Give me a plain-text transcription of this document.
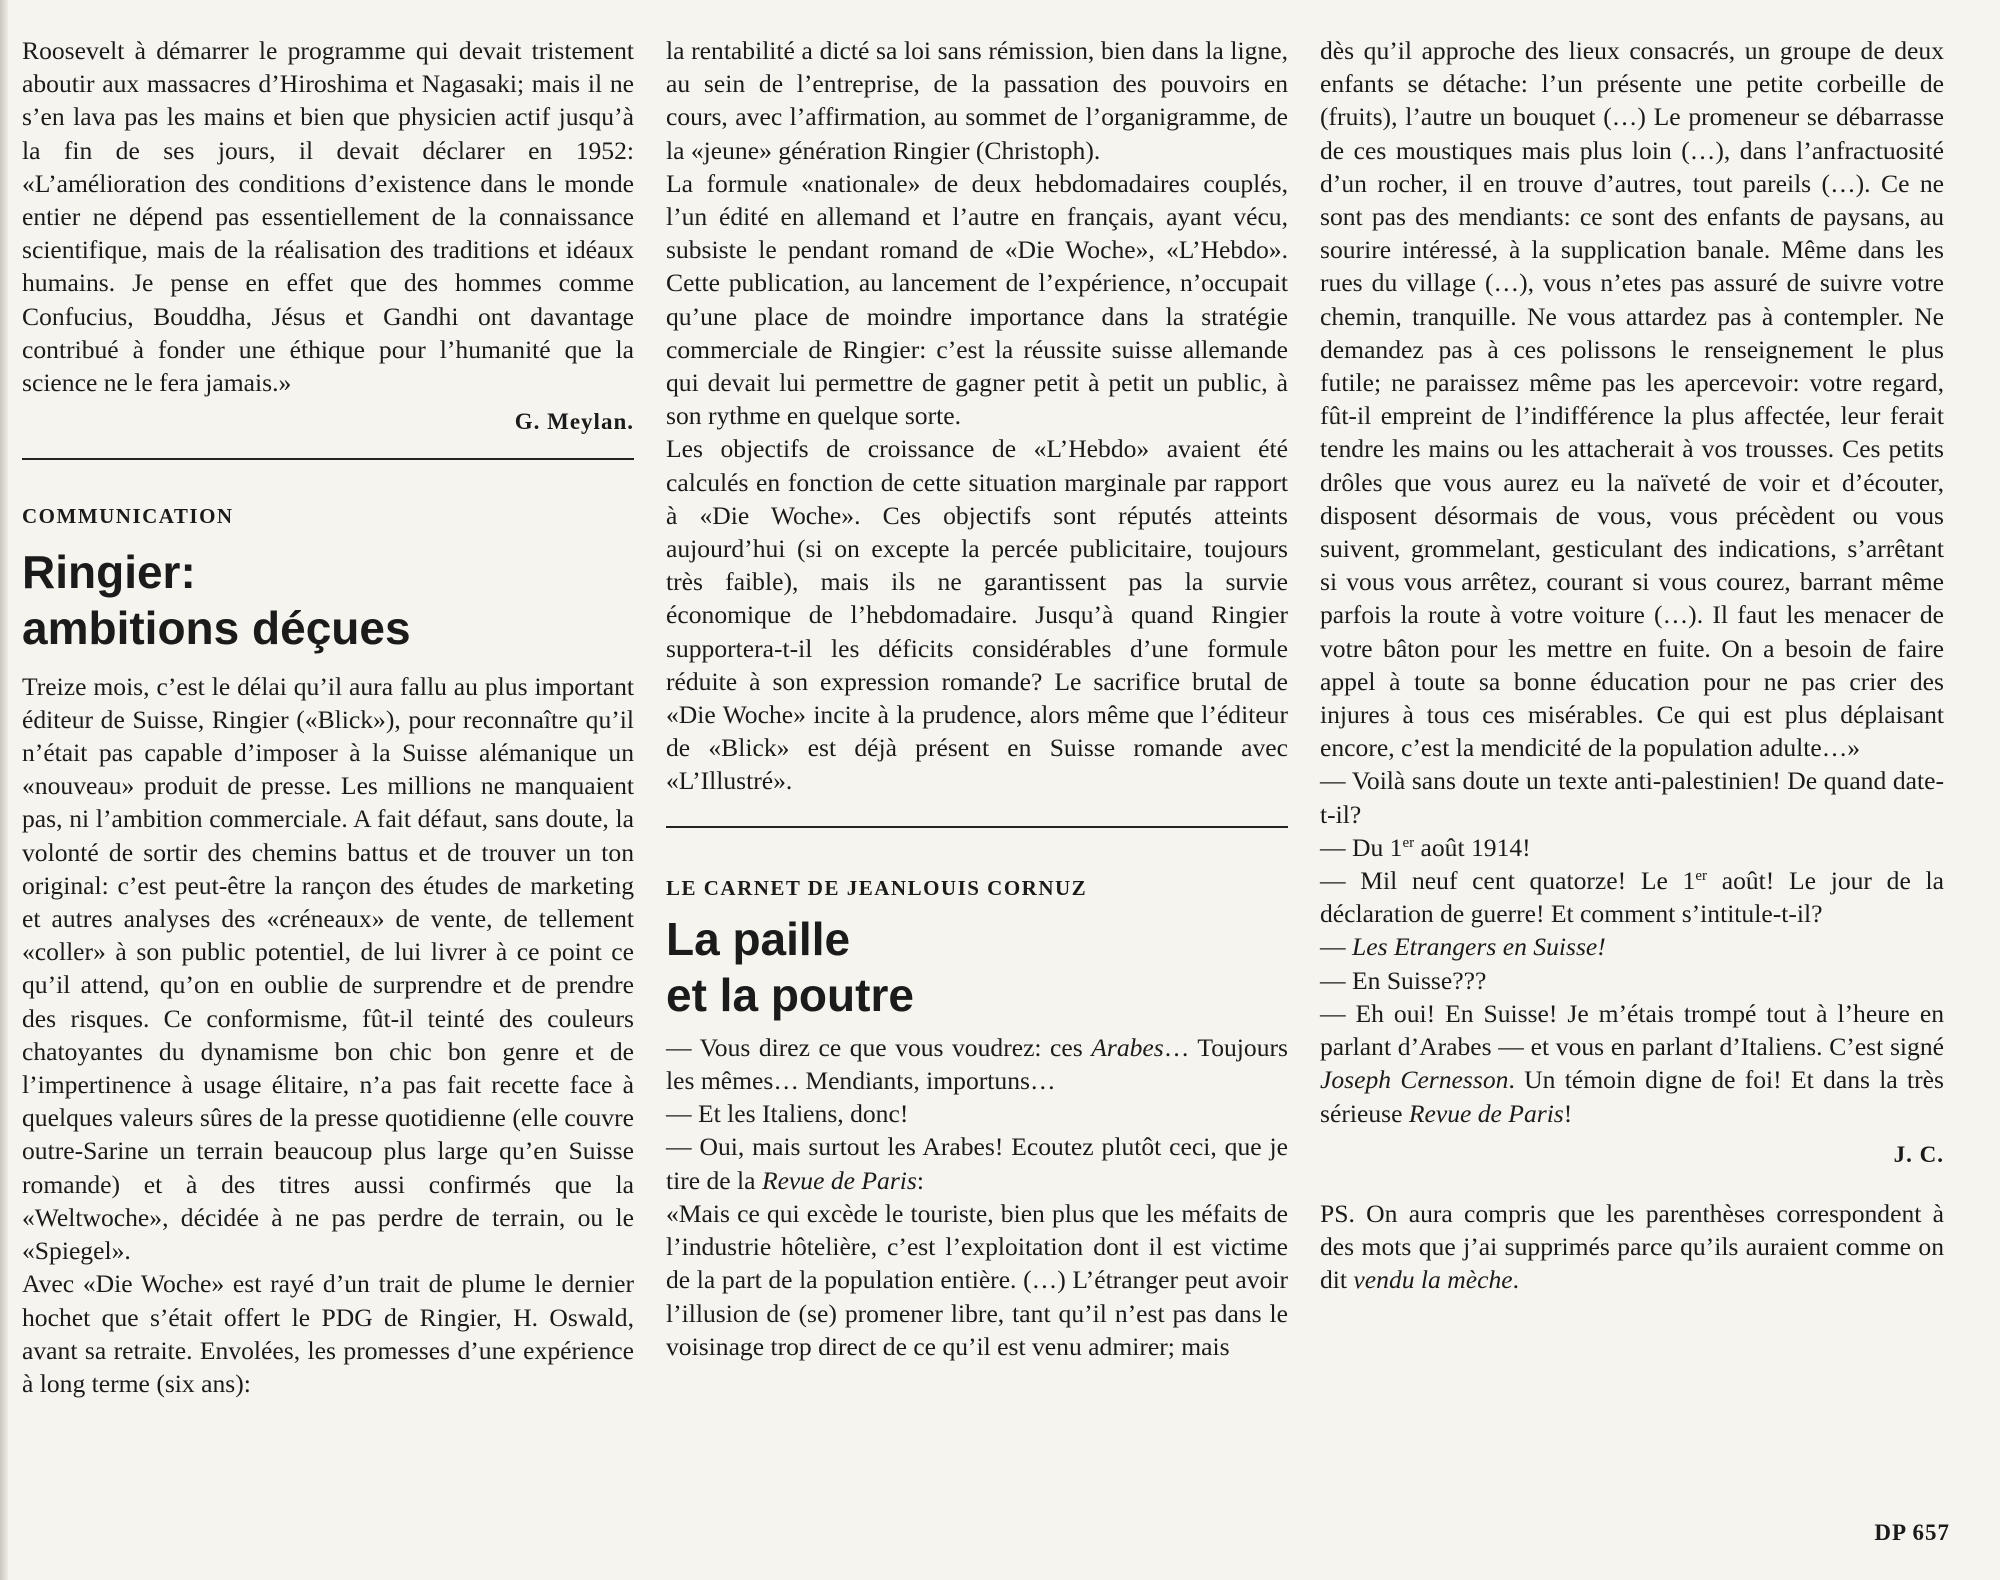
Roosevelt à démarrer le programme qui devait tristement aboutir aux massacres d’Hiroshima et Nagasaki; mais il ne s’en lava pas les mains et bien que physicien actif jusqu’à la fin de ses jours, il devait déclarer en 1952: «L’amélioration des conditions d’existence dans le monde entier ne dépend pas essentiellement de la connaissance scientifique, mais de la réalisation des traditions et idéaux humains. Je pense en effet que des hommes comme Confucius, Bouddha, Jésus et Gandhi ont davantage contribué à fonder une éthique pour l’humanité que la science ne le fera jamais.»

G. Meylan.

COMMUNICATION

Ringier:
ambitions déçues

Treize mois, c’est le délai qu’il aura fallu au plus important éditeur de Suisse, Ringier («Blick»), pour reconnaître qu’il n’était pas capable d’imposer à la Suisse alémanique un «nouveau» produit de presse. Les millions ne manquaient pas, ni l’ambition commerciale. A fait défaut, sans doute, la volonté de sortir des chemins battus et de trouver un ton original: c’est peut-être la rançon des études de marketing et autres analyses des «créneaux» de vente, de tellement «coller» à son public potentiel, de lui livrer à ce point ce qu’il attend, qu’on en oublie de surprendre et de prendre des risques. Ce conformisme, fût-il teinté des couleurs chatoyantes du dynamisme bon chic bon genre et de l’impertinence à usage élitaire, n’a pas fait recette face à quelques valeurs sûres de la presse quotidienne (elle couvre outre-Sarine un terrain beaucoup plus large qu’en Suisse romande) et à des titres aussi confirmés que la «Weltwoche», décidée à ne pas perdre de terrain, ou le «Spiegel».

Avec «Die Woche» est rayé d’un trait de plume le dernier hochet que s’était offert le PDG de Ringier, H. Oswald, avant sa retraite. Envolées, les promesses d’une expérience à long terme (six ans):

la rentabilité a dicté sa loi sans rémission, bien dans la ligne, au sein de l’entreprise, de la passation des pouvoirs en cours, avec l’affirmation, au sommet de l’organigramme, de la «jeune» génération Ringier (Christoph).

La formule «nationale» de deux hebdomadaires couplés, l’un édité en allemand et l’autre en français, ayant vécu, subsiste le pendant romand de «Die Woche», «L’Hebdo». Cette publication, au lancement de l’expérience, n’occupait qu’une place de moindre importance dans la stratégie commerciale de Ringier: c’est la réussite suisse allemande qui devait lui permettre de gagner petit à petit un public, à son rythme en quelque sorte.

Les objectifs de croissance de «L’Hebdo» avaient été calculés en fonction de cette situation marginale par rapport à «Die Woche». Ces objectifs sont réputés atteints aujourd’hui (si on excepte la percée publicitaire, toujours très faible), mais ils ne garantissent pas la survie économique de l’hebdomadaire. Jusqu’à quand Ringier supportera-t-il les déficits considérables d’une formule réduite à son expression romande? Le sacrifice brutal de «Die Woche» incite à la prudence, alors même que l’éditeur de «Blick» est déjà présent en Suisse romande avec «L’Illustré».

LE CARNET DE JEANLOUIS CORNUZ

La paille
et la poutre

— Vous direz ce que vous voudrez: ces Arabes… Toujours les mêmes… Mendiants, importuns…

— Et les Italiens, donc!

— Oui, mais surtout les Arabes! Ecoutez plutôt ceci, que je tire de la Revue de Paris:

«Mais ce qui excède le touriste, bien plus que les méfaits de l’industrie hôtelière, c’est l’exploitation dont il est victime de la part de la population entière. (…) L’étranger peut avoir l’illusion de (se) promener libre, tant qu’il n’est pas dans le voisinage trop direct de ce qu’il est venu admirer; mais

dès qu’il approche des lieux consacrés, un groupe de deux enfants se détache: l’un présente une petite corbeille de (fruits), l’autre un bouquet (…) Le promeneur se débarrasse de ces moustiques mais plus loin (…), dans l’anfractuosité d’un rocher, il en trouve d’autres, tout pareils (…). Ce ne sont pas des mendiants: ce sont des enfants de paysans, au sourire intéressé, à la supplication banale. Même dans les rues du village (…), vous n’etes pas assuré de suivre votre chemin, tranquille. Ne vous attardez pas à contempler. Ne demandez pas à ces polissons le renseignement le plus futile; ne paraissez même pas les apercevoir: votre regard, fût-il empreint de l’indifférence la plus affectée, leur ferait tendre les mains ou les attacherait à vos trousses. Ces petits drôles que vous aurez eu la naïveté de voir et d’écouter, disposent désormais de vous, vous précèdent ou vous suivent, grommelant, gesticulant des indications, s’arrêtant si vous vous arrêtez, courant si vous courez, barrant même parfois la route à votre voiture (…). Il faut les menacer de votre bâton pour les mettre en fuite. On a besoin de faire appel à toute sa bonne éducation pour ne pas crier des injures à tous ces misérables. Ce qui est plus déplaisant encore, c’est la mendicité de la population adulte…»

— Voilà sans doute un texte anti-palestinien! De quand date-t-il?

— Du 1er août 1914!

— Mil neuf cent quatorze! Le 1er août! Le jour de la déclaration de guerre! Et comment s’intitule-t-il?

— Les Etrangers en Suisse!

— En Suisse???

— Eh oui! En Suisse! Je m’étais trompé tout à l’heure en parlant d’Arabes — et vous en parlant d’Italiens. C’est signé Joseph Cernesson. Un témoin digne de foi! Et dans la très sérieuse Revue de Paris!

J. C.

PS. On aura compris que les parenthèses correspondent à des mots que j’ai supprimés parce qu’ils auraient comme on dit vendu la mèche.

DP 657
